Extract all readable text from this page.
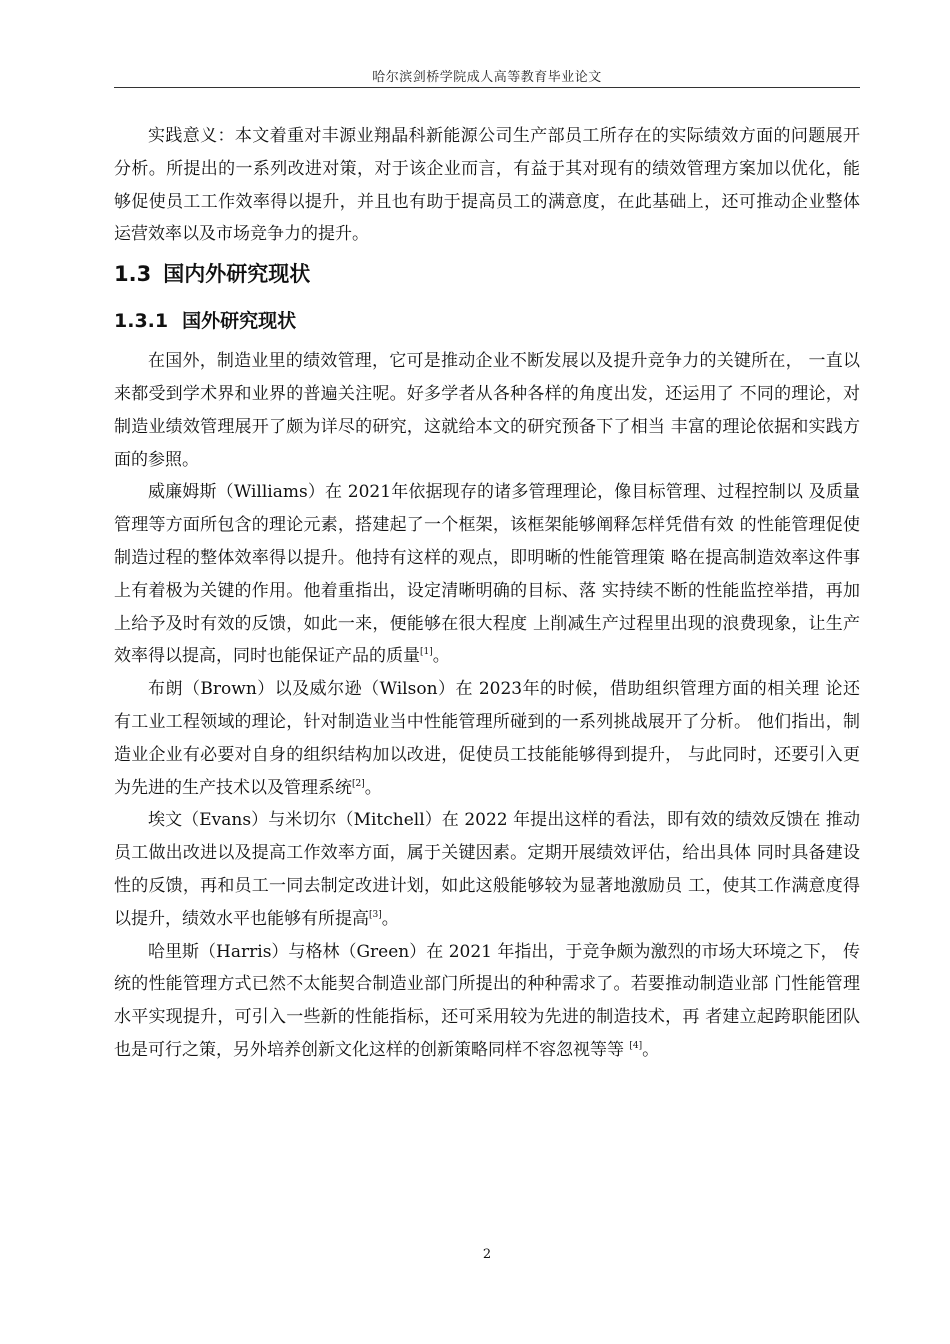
哈尔滨剑桥学院成人高等教育毕业论文

实践意义：本文着重对丰源业翔晶科新能源公司生产部员工所存在的实际绩效方面的问题展开分析。所提出的一系列改进对策，对于该企业而言，有益于其对现有的绩效管理方案加以优化，能够促使员工工作效率得以提升，并且也有助于提高员工的满意度，在此基础上，还可推动企业整体运营效率以及市场竞争力的提升。

1.3 国内外研究现状
1.3.1 国外研究现状

在国外，制造业里的绩效管理，它可是推动企业不断发展以及提升竞争力的关键所在， 一直以来都受到学术界和业界的普遍关注呢。好多学者从各种各样的角度出发，还运用了 不同的理论，对制造业绩效管理展开了颇为详尽的研究，这就给本文的研究预备下了相当 丰富的理论依据和实践方面的参照。

威廉姆斯（Williams）在 2021年依据现存的诸多管理理论，像目标管理、过程控制以 及质量管理等方面所包含的理论元素，搭建起了一个框架，该框架能够阐释怎样凭借有效 的性能管理促使制造过程的整体效率得以提升。他持有这样的观点，即明晰的性能管理策 略在提高制造效率这件事上有着极为关键的作用。他着重指出，设定清晰明确的目标、落 实持续不断的性能监控举措，再加上给予及时有效的反馈，如此一来，便能够在很大程度 上削减生产过程里出现的浪费现象，让生产效率得以提高，同时也能保证产品的质量[1]。

布朗（Brown）以及威尔逊（Wilson）在 2023年的时候，借助组织管理方面的相关理 论还有工业工程领域的理论，针对制造业当中性能管理所碰到的一系列挑战展开了分析。 他们指出，制造业企业有必要对自身的组织结构加以改进，促使员工技能能够得到提升， 与此同时，还要引入更为先进的生产技术以及管理系统[2]。

埃文（Evans）与米切尔（Mitchell）在 2022 年提出这样的看法，即有效的绩效反馈在 推动员工做出改进以及提高工作效率方面，属于关键因素。定期开展绩效评估，给出具体 同时具备建设性的反馈，再和员工一同去制定改进计划，如此这般能够较为显著地激励员 工，使其工作满意度得以提升，绩效水平也能够有所提高[3]。

哈里斯（Harris）与格林（Green）在 2021 年指出，于竞争颇为激烈的市场大环境之下， 传统的性能管理方式已然不太能契合制造业部门所提出的种种需求了。若要推动制造业部 门性能管理水平实现提升，可引入一些新的性能指标，还可采用较为先进的制造技术，再 者建立起跨职能团队也是可行之策，另外培养创新文化这样的创新策略同样不容忽视等等 [4]。

2
